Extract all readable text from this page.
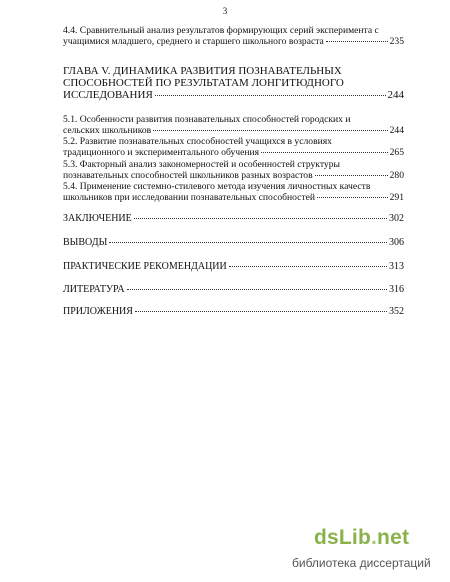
3
4.4. Сравнительный анализ результатов формирующих серий эксперимента с
учащимися младшего, среднего и старшего школьного возраста	235
ГЛАВА V. ДИНАМИКА РАЗВИТИЯ ПОЗНАВАТЕЛЬНЫХ
СПОСОБНОСТЕЙ ПО РЕЗУЛЬТАТАМ ЛОНГИТЮДНОГО
ИССЛЕДОВАНИЯ	244
5.1. Особенности развития познавательных способностей городских и
сельских школьников	244
5.2. Развитие познавательных способностей учащихся в условиях
традиционного и экспериментального обучения	265
5.3. Факторный анализ закономерностей и особенностей структуры
познавательных способностей школьников разных возрастов	280
5.4. Применение системно-стилевого метода изучения личностных качеств
школьников при исследовании познавательных способностей	291
ЗАКЛЮЧЕНИЕ	302
ВЫВОДЫ	306
ПРАКТИЧЕСКИЕ РЕКОМЕНДАЦИИ	313
ЛИТЕРАТУРА	316
ПРИЛОЖЕНИЯ	352
dsLib.net
библиотека диссертаций
